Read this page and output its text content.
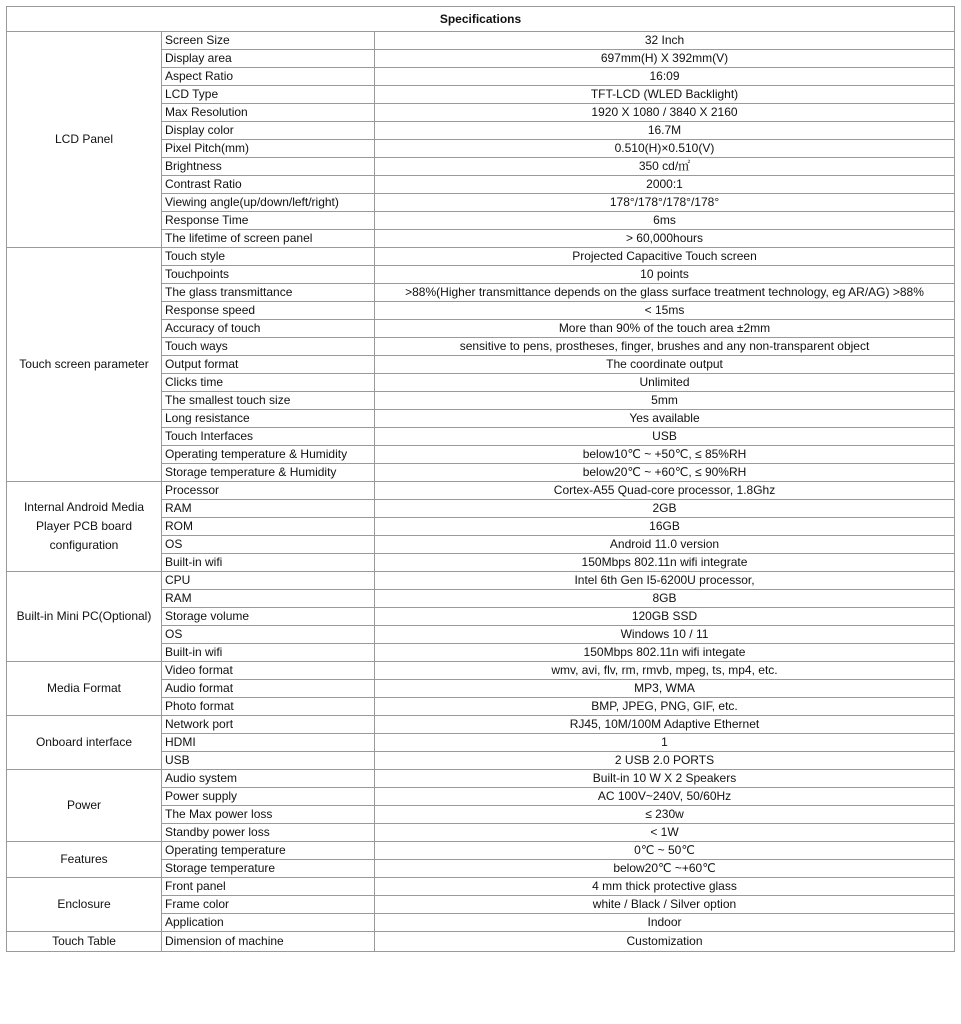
Specifications		
LCD Panel	Screen Size	32 Inch
	Display area	697mm(H) X 392mm(V)
	Aspect Ratio	16:09
	LCD Type	TFT-LCD (WLED Backlight)
	Max Resolution	1920 X 1080 / 3840 X 2160
	Display color	16.7M
	Pixel Pitch(mm)	0.510(H)×0.510(V)
	Brightness	350 cd/㎡
	Contrast Ratio	2000:1
	Viewing angle(up/down/left/right)	178°/178°/178°/178°
	Response Time	6ms
	The lifetime of screen panel	> 60,000hours
Touch screen parameter	Touch style	Projected Capacitive Touch screen
	Touchpoints	10 points
	The glass transmittance	>88%(Higher transmittance depends on the glass surface treatment technology, eg AR/AG) >88%
	Response speed	< 15ms
	Accuracy of touch	More than 90% of the touch area ±2mm
	Touch ways	sensitive to pens, prostheses, finger, brushes and any non-transparent object
	Output format	The coordinate output
	Clicks time	Unlimited
	The smallest touch size	5mm
	Long resistance	Yes available
	Touch Interfaces	USB
	Operating temperature & Humidity	below10℃ ~ +50℃, ≤ 85%RH
	Storage temperature & Humidity	below20℃ ~ +60℃, ≤ 90%RH
Internal Android Media Player PCB board configuration	Processor	Cortex-A55 Quad-core processor, 1.8Ghz
	RAM	2GB
	ROM	16GB
	OS	Android 11.0 version
	Built-in wifi	150Mbps 802.11n wifi integrate
Built-in Mini PC(Optional)	CPU	Intel 6th Gen I5-6200U processor,
	RAM	8GB
	Storage volume	120GB SSD
	OS	Windows 10 / 11
	Built-in wifi	150Mbps 802.11n wifi integate
Media Format	Video format	wmv, avi, flv, rm, rmvb, mpeg, ts, mp4, etc.
	Audio format	MP3, WMA
	Photo format	BMP, JPEG, PNG, GIF, etc.
Onboard interface	Network port	RJ45, 10M/100M Adaptive Ethernet
	HDMI	1
	USB	2 USB 2.0 PORTS
Power	Audio system	Built-in 10 W X 2 Speakers
	Power supply	AC 100V~240V, 50/60Hz
	The Max power loss	≤ 230w
	Standby power loss	< 1W
Features	Operating temperature	0℃ ~ 50℃
	Storage temperature	below20℃ ~+60℃
Enclosure	Front panel	4 mm thick protective glass
	Frame color	white / Black / Silver option
	Application	Indoor
Touch Table	Dimension of machine	Customization
